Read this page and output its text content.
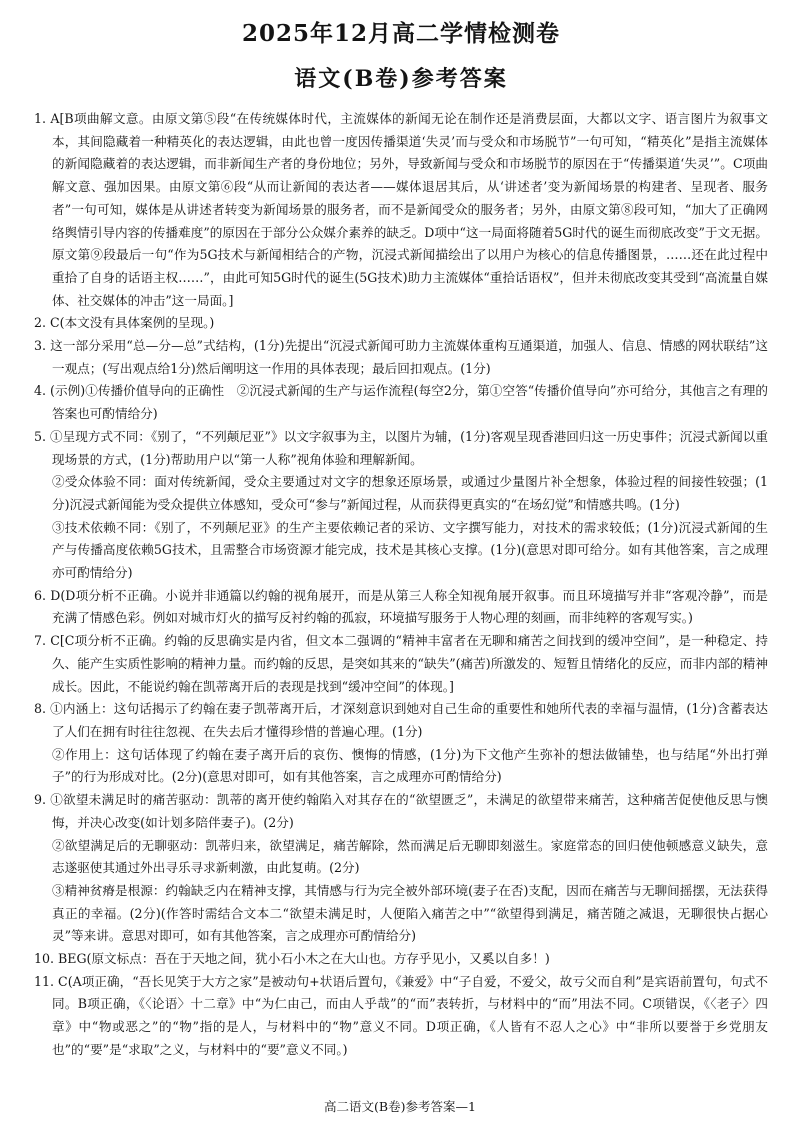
2025年12月高二学情检测卷
语文(B卷)参考答案

1. A[B项曲解文意。由原文第⑤段“在传统媒体时代，主流媒体的新闻无论在制作还是消费层面，大都以文字、语言图片为叙事文本，其间隐藏着一种精英化的表达逻辑，由此也曾一度因传播渠道‘失灵’而与受众和市场脱节”一句可知，“精英化”是指主流媒体的新闻隐藏着的表达逻辑，而非新闻生产者的身份地位；另外，导致新闻与受众和市场脱节的原因在于“传播渠道‘失灵’”。C项曲解文意、强加因果。由原文第⑥段“从而让新闻的表达者——媒体退居其后，从‘讲述者’变为新闻场景的构建者、呈现者、服务者”一句可知，媒体是从讲述者转变为新闻场景的服务者，而不是新闻受众的服务者；另外，由原文第⑧段可知，“加大了正确网络舆情引导内容的传播难度”的原因在于部分公众媒介素养的缺乏。D项中“这一局面将随着5G时代的诞生而彻底改变”于文无据。原文第⑨段最后一句“作为5G技术与新闻相结合的产物，沉浸式新闻描绘出了以用户为核心的信息传播图景，……还在此过程中重拾了自身的话语主权……”，由此可知5G时代的诞生(5G技术)助力主流媒体“重拾话语权”，但并未彻底改变其受到“高流量自媒体、社交媒体的冲击”这一局面。]

2. C(本文没有具体案例的呈现。)

3. 这一部分采用“总—分—总”式结构，(1分)先提出“沉浸式新闻可助力主流媒体重构互通渠道，加强人、信息、情感的网状联结”这一观点；(写出观点给1分)然后阐明这一作用的具体表现；最后回扣观点。(1分)

4. (示例)①传播价值导向的正确性　②沉浸式新闻的生产与运作流程(每空2分，第①空答“传播价值导向”亦可给分，其他言之有理的答案也可酌情给分)

5. ①呈现方式不同：《别了，“不列颠尼亚”》以文字叙事为主，以图片为辅，(1分)客观呈现香港回归这一历史事件；沉浸式新闻以重现场景的方式，(1分)帮助用户以“第一人称”视角体验和理解新闻。

②受众体验不同：面对传统新闻，受众主要通过对文字的想象还原场景，或通过少量图片补全想象，体验过程的间接性较强；(1分)沉浸式新闻能为受众提供立体感知，受众可“参与”新闻过程，从而获得更真实的“在场幻觉”和情感共鸣。(1分)

③技术依赖不同：《别了，不列颠尼亚》的生产主要依赖记者的采访、文字撰写能力，对技术的需求较低；(1分)沉浸式新闻的生产与传播高度依赖5G技术，且需整合市场资源才能完成，技术是其核心支撑。(1分)(意思对即可给分。如有其他答案，言之成理亦可酌情给分)

6. D(D项分析不正确。小说并非通篇以约翰的视角展开，而是从第三人称全知视角展开叙事。而且环境描写并非“客观冷静”，而是充满了情感色彩。例如对城市灯火的描写反衬约翰的孤寂，环境描写服务于人物心理的刻画，而非纯粹的客观写实。)

7. C[C项分析不正确。约翰的反思确实是内省，但文本二强调的“精神丰富者在无聊和痛苦之间找到的缓冲空间”，是一种稳定、持久、能产生实质性影响的精神力量。而约翰的反思，是突如其来的“缺失”(痛苦)所激发的、短暂且情绪化的反应，而非内部的精神成长。因此，不能说约翰在凯蒂离开后的表现是找到“缓冲空间”的体现。]

8. ①内涵上：这句话揭示了约翰在妻子凯蒂离开后，才深刻意识到她对自己生命的重要性和她所代表的幸福与温情，(1分)含蓄表达了人们在拥有时往往忽视、在失去后才懂得珍惜的普遍心理。(1分)

②作用上：这句话体现了约翰在妻子离开后的哀伤、懊悔的情感，(1分)为下文他产生弥补的想法做铺垫，也与结尾“外出打弹子”的行为形成对比。(2分)(意思对即可，如有其他答案，言之成理亦可酌情给分)

9. ①欲望未满足时的痛苦驱动：凯蒂的离开使约翰陷入对其存在的“欲望匮乏”，未满足的欲望带来痛苦，这种痛苦促使他反思与懊悔，并决心改变(如计划多陪伴妻子)。(2分)

②欲望满足后的无聊驱动：凯蒂归来，欲望满足，痛苦解除，然而满足后无聊即刻滋生。家庭常态的回归使他顿感意义缺失，意志遂驱使其通过外出寻乐寻求新刺激，由此复萌。(2分)

③精神贫瘠是根源：约翰缺乏内在精神支撑，其情感与行为完全被外部环境(妻子在否)支配，因而在痛苦与无聊间摇摆，无法获得真正的幸福。(2分)(作答时需结合文本二“欲望未满足时，人便陷入痛苦之中”“欲望得到满足，痛苦随之减退，无聊很快占据心灵”等来讲。意思对即可，如有其他答案，言之成理亦可酌情给分)

10. BEG(原文标点：吾在于天地之间，犹小石小木之在大山也。方存乎见小，又奚以自多！)

11. C(A项正确，“吾长见笑于大方之家”是被动句+状语后置句，《兼爱》中“子自爱，不爱父，故亏父而自利”是宾语前置句，句式不同。B项正确，《〈论语〉十二章》中“为仁由己，而由人乎哉”的“而”表转折，与材料中的“而”用法不同。C项错误，《〈老子〉四章》中“物或恶之”的“物”指的是人，与材料中的“物”意义不同。D项正确，《人皆有不忍人之心》中“非所以要誉于乡党朋友也”的“要”是“求取”之义，与材料中的“要”意义不同。)

高二语文(B卷)参考答案—1
